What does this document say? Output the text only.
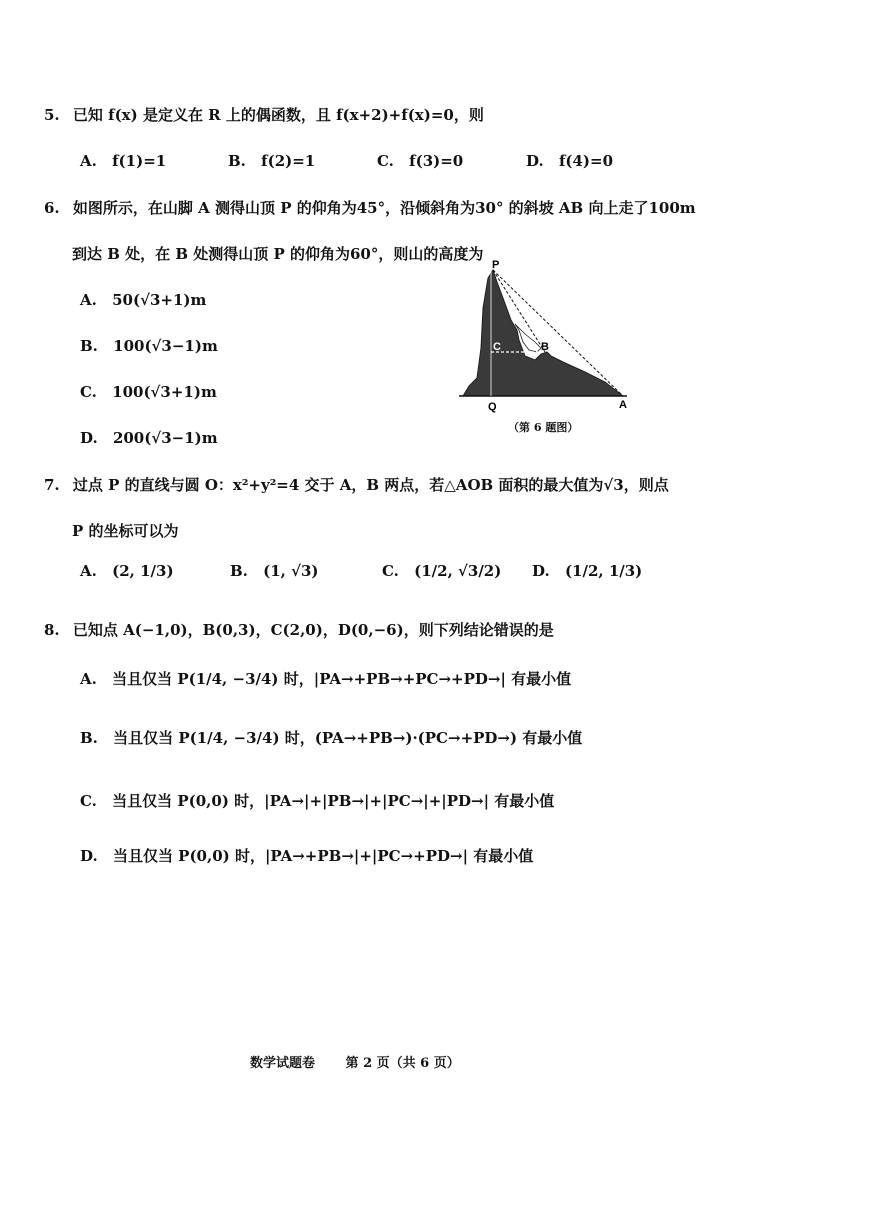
5. 已知 f(x) 是定义在 R 上的偶函数，且 f(x+2)+f(x)=0，则
A. f(1)=1	B. f(2)=1	C. f(3)=0	D. f(4)=0
6. 如图所示，在山脚 A 测得山顶 P 的仰角为45°，沿倾斜角为30° 的斜坡 AB 向上走了100m
到达 B 处，在 B 处测得山顶 P 的仰角为60°，则山的高度为
A. 50(√3+1)m
B. 100(√3−1)m
C. 100(√3+1)m
D. 200(√3−1)m
P
C	B
Q	A
（第 6 题图）
7. 过点 P 的直线与圆 O：x²+y²=4 交于 A，B 两点，若△AOB 面积的最大值为√3，则点
P 的坐标可以为
A. (2, 1/3)	B. (1, √3)	C. (1/2, √3/2) D. (1/2, 1/3)
8. 已知点 A(−1,0)，B(0,3)，C(2,0)，D(0,−6)，则下列结论错误的是
A. 当且仅当 P(1/4, −3/4) 时，|PA→+PB→+PC→+PD→| 有最小值
B. 当且仅当 P(1/4, −3/4) 时，(PA→+PB→)·(PC→+PD→) 有最小值
C. 当且仅当 P(0,0) 时，|PA→|+|PB→|+|PC→|+|PD→| 有最小值
D. 当且仅当 P(0,0) 时，|PA→+PB→|+|PC→+PD→| 有最小值
数学试题卷 第 2 页（共 6 页）
